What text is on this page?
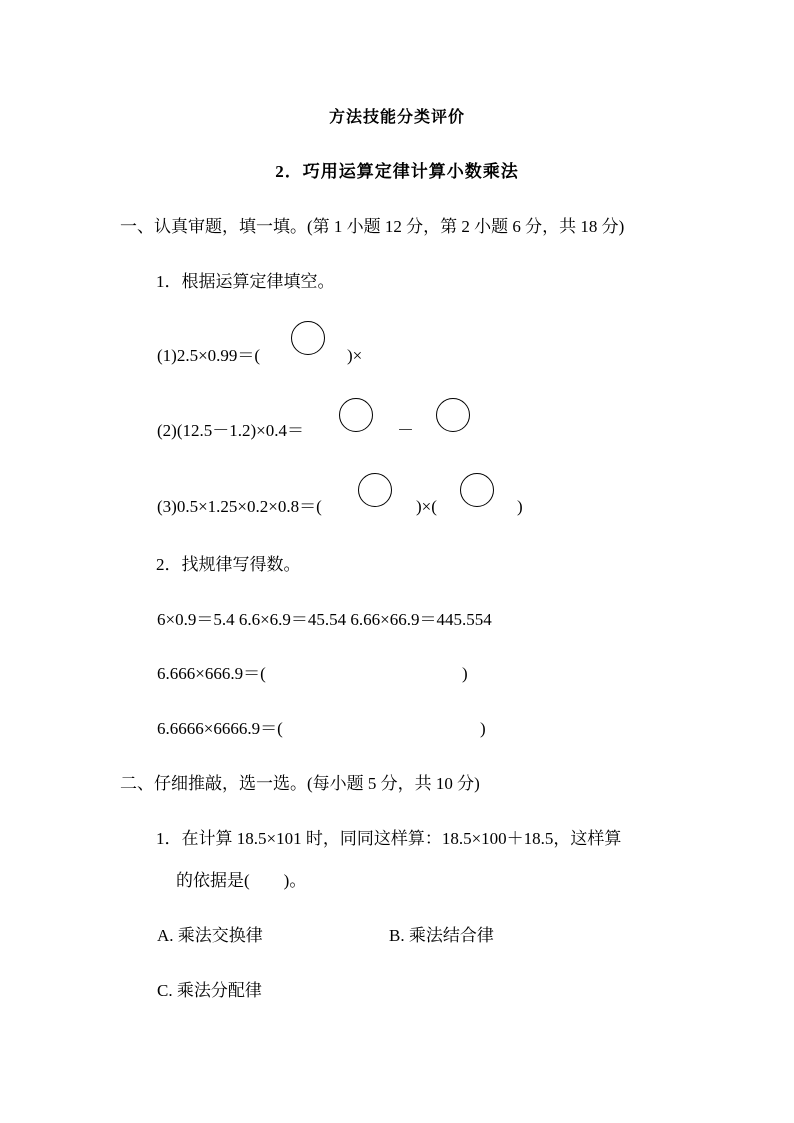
方法技能分类评价
2．巧用运算定律计算小数乘法
一、认真审题，填一填。(第 1 小题 12 分，第 2 小题 6 分，共 18 分)
1．根据运算定律填空。
(1)2.5×0.99＝(	)×
(2)(12.5－1.2)×0.4＝	－
(3)0.5×1.25×0.2×0.8＝(	)×(	)
2．找规律写得数。
6×0.9＝5.4 6.6×6.9＝45.54 6.66×66.9＝445.554
6.666×666.9＝(	)
6.6666×6666.9＝(	)
二、仔细推敲，选一选。(每小题 5 分，共 10 分)
1．在计算 18.5×101 时，同同这样算：18.5×100＋18.5，这样算
的依据是(　　)。
A. 乘法交换律	B. 乘法结合律
C. 乘法分配律
